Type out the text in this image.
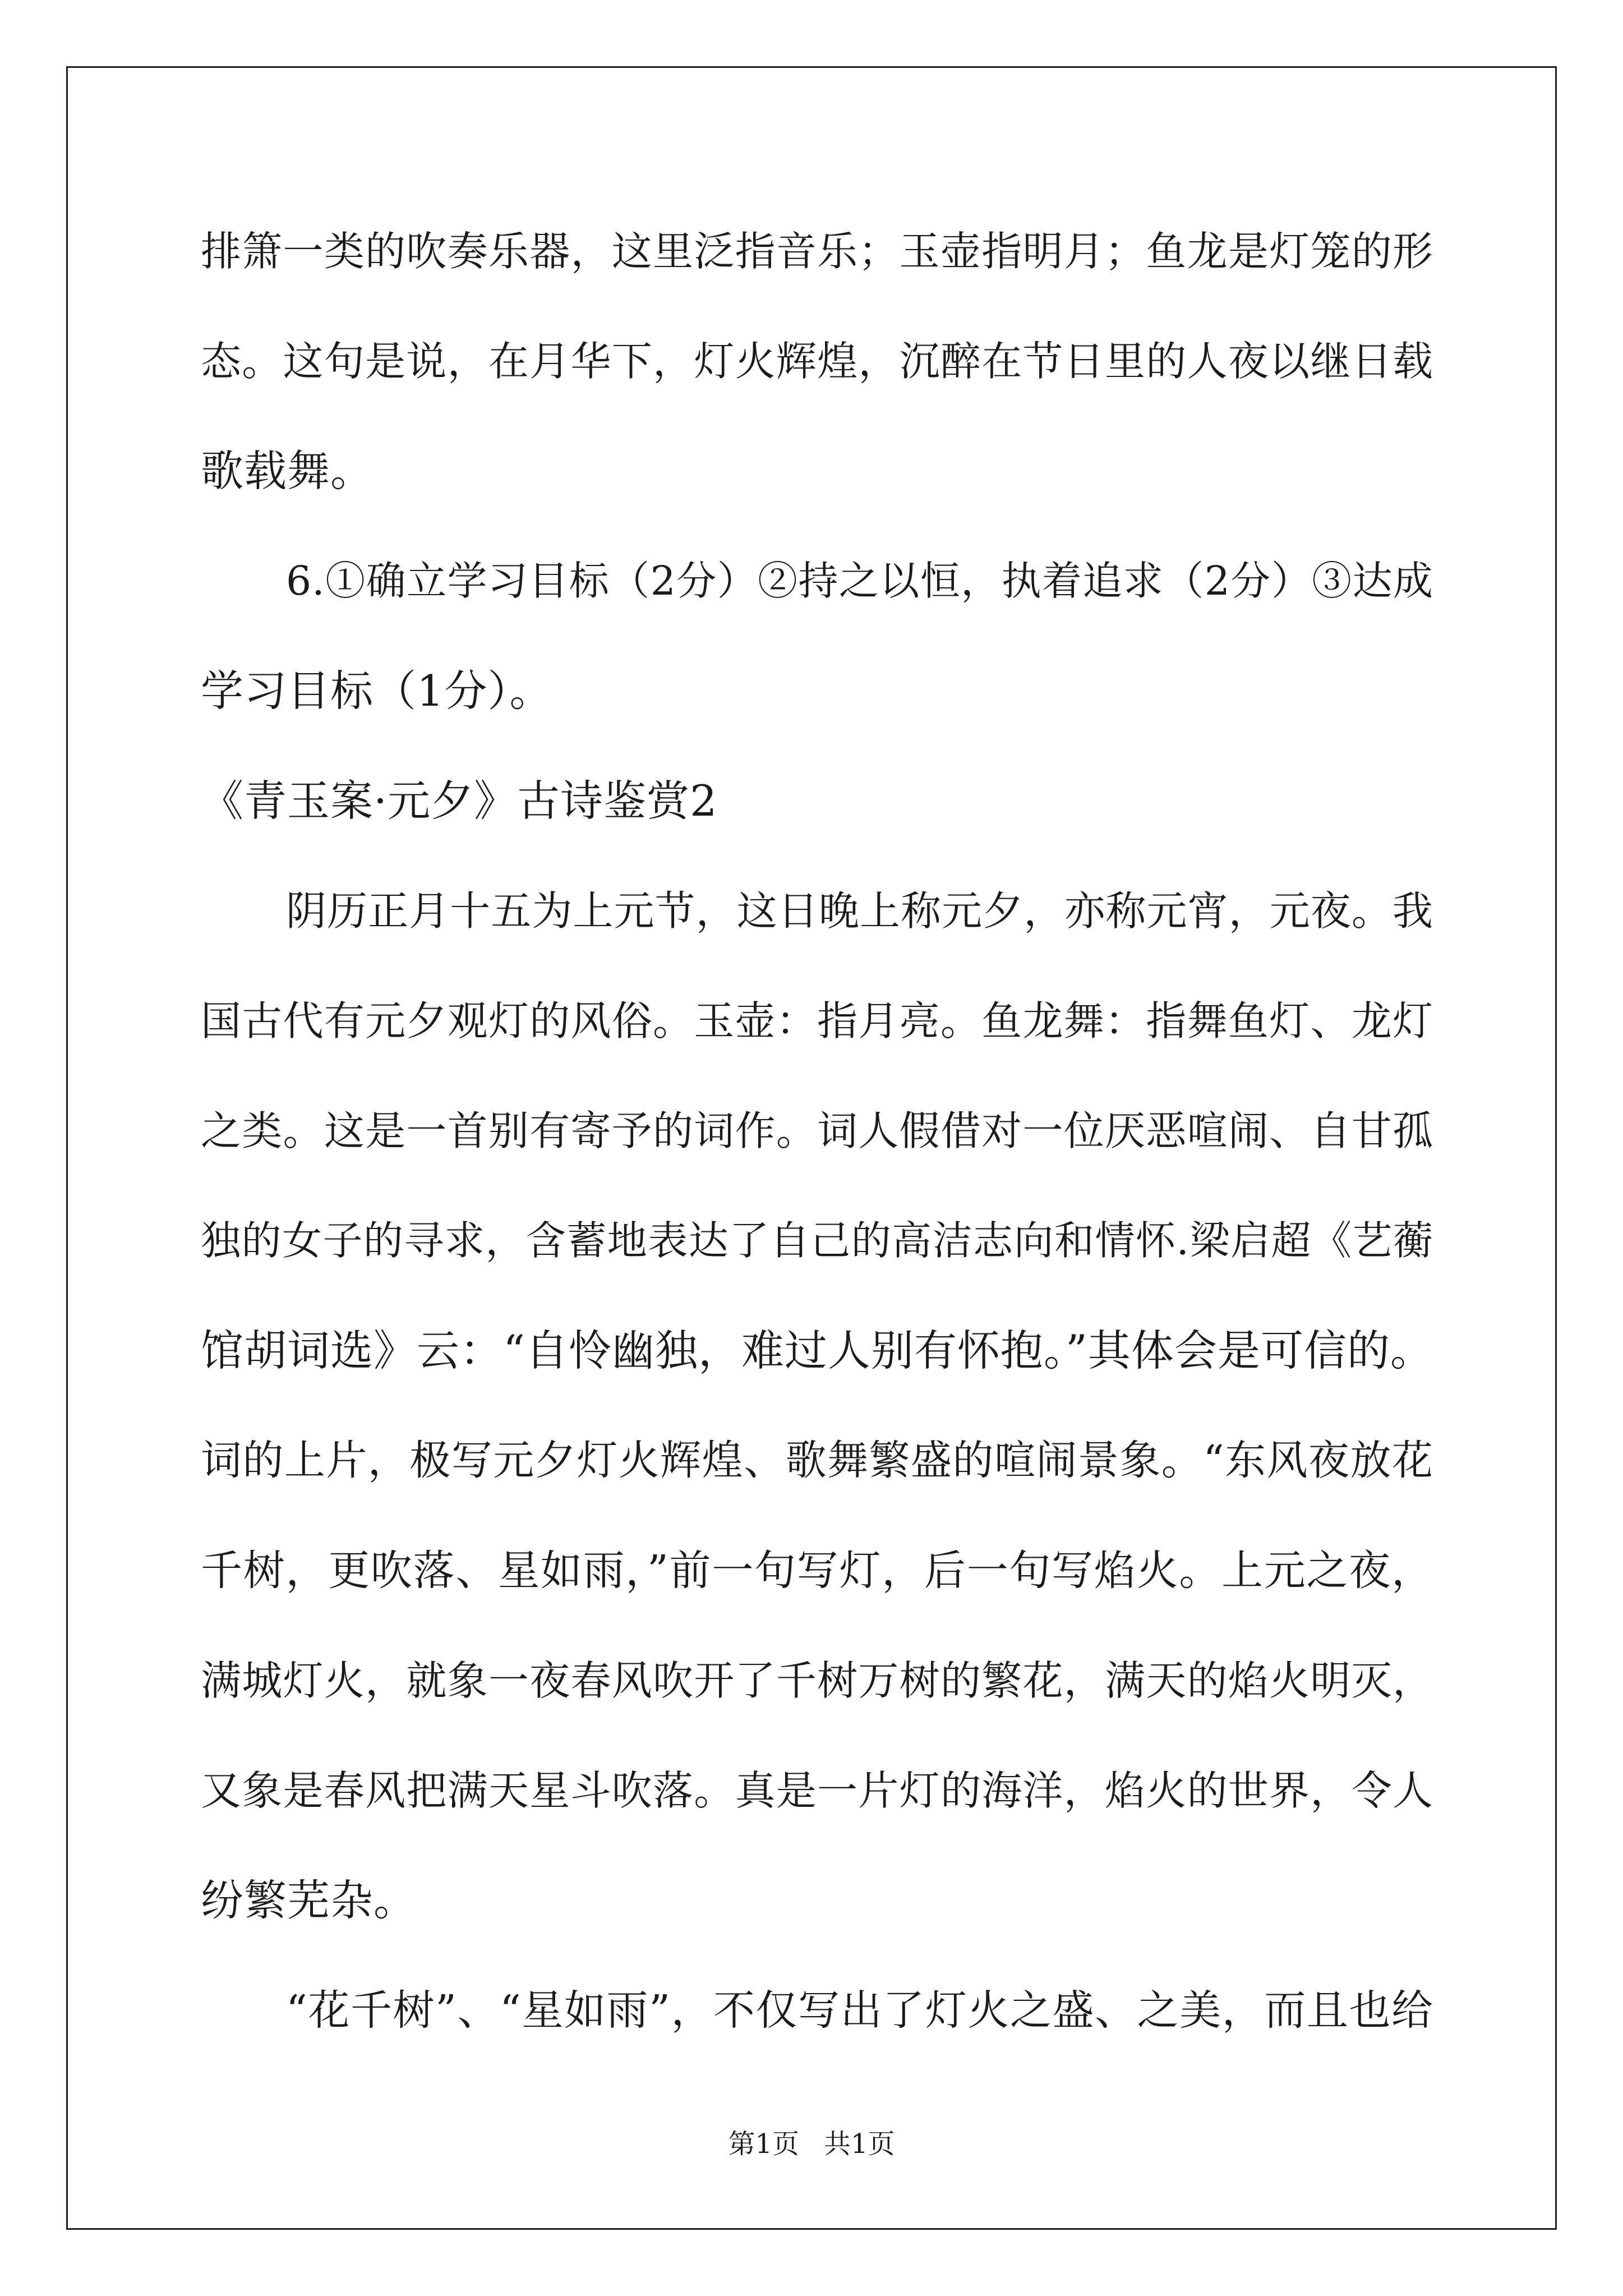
排箫一类的吹奏乐器，这里泛指音乐；玉壶指明月；鱼龙是灯笼的形
态。这句是说，在月华下，灯火辉煌，沉醉在节日里的人夜以继日载
歌载舞。
6.①确立学习目标（2分）②持之以恒，执着追求（2分）③达成
学习目标（1分）。
《青玉案·元夕》古诗鉴赏2
阴历正月十五为上元节，这日晚上称元夕，亦称元宵，元夜。我
国古代有元夕观灯的风俗。玉壶：指月亮。鱼龙舞：指舞鱼灯、龙灯
之类。这是一首别有寄予的词作。词人假借对一位厌恶喧闹、自甘孤
独的女子的寻求，含蓄地表达了自己的高洁志向和情怀.梁启超《艺蘅
馆胡词选》云：“自怜幽独，难过人别有怀抱。”其体会是可信的。
词的上片，极写元夕灯火辉煌、歌舞繁盛的喧闹景象。“东风夜放花
千树，更吹落、星如雨，”前一句写灯，后一句写焰火。上元之夜，
满城灯火，就象一夜春风吹开了千树万树的繁花，满天的焰火明灭，
又象是春风把满天星斗吹落。真是一片灯的海洋，焰火的世界，令人
纷繁芜杂。
“花千树”、“星如雨”，不仅写出了灯火之盛、之美，而且也给
第1页 共1页
